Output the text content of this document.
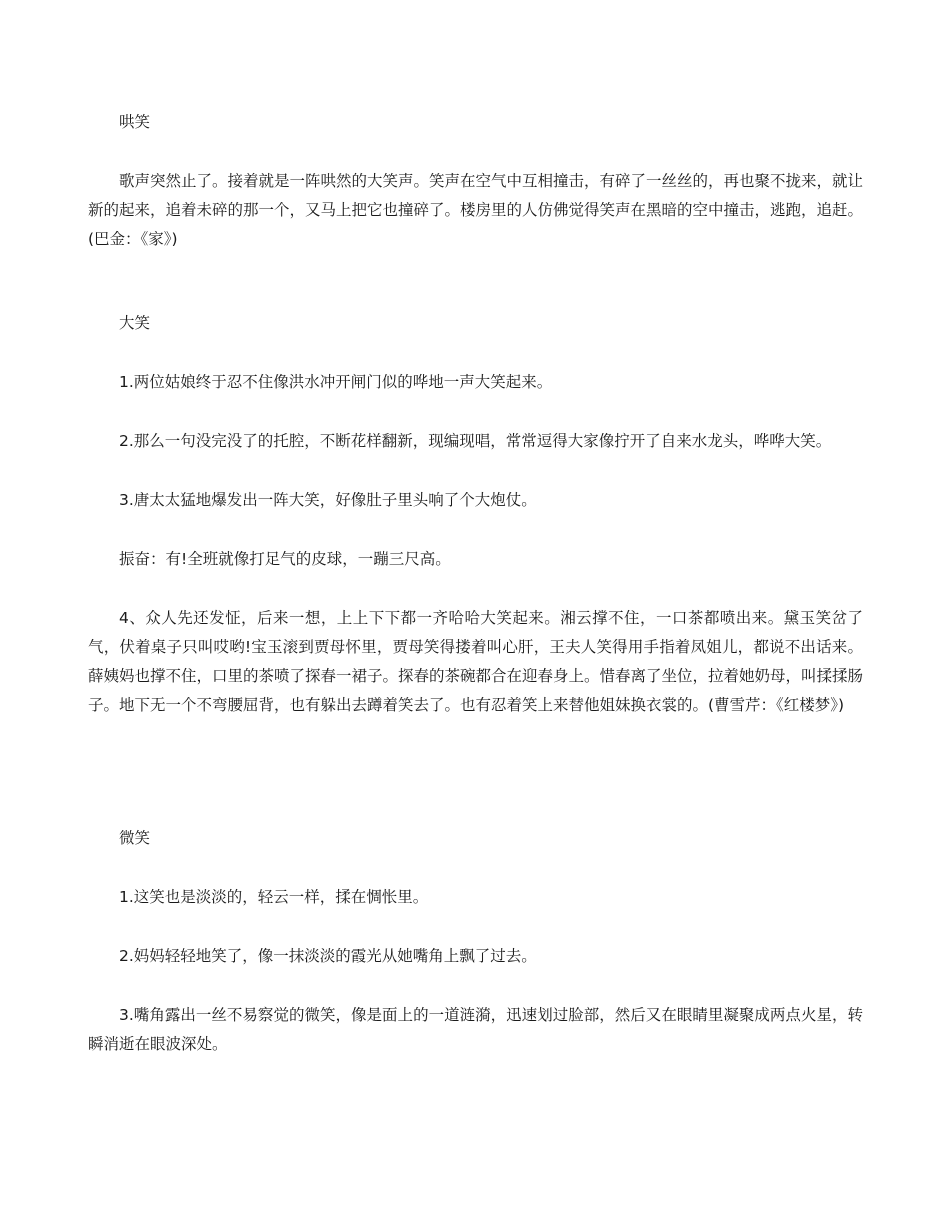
哄笑

歌声突然止了。接着就是一阵哄然的大笑声。笑声在空气中互相撞击，有碎了一丝丝的，再也聚不拢来，就让新的起来，追着未碎的那一个，又马上把它也撞碎了。楼房里的人仿佛觉得笑声在黑暗的空中撞击，逃跑，追赶。(巴金：《家》)

大笑

1.两位姑娘终于忍不住像洪水冲开闸门似的哗地一声大笑起来。

2.那么一句没完没了的托腔，不断花样翻新，现编现唱，常常逗得大家像拧开了自来水龙头，哗哗大笑。

3.唐太太猛地爆发出一阵大笑，好像肚子里头响了个大炮仗。

振奋：有!全班就像打足气的皮球，一蹦三尺高。

4、众人先还发怔，后来一想，上上下下都一齐哈哈大笑起来。湘云撑不住，一口茶都喷出来。黛玉笑岔了气，伏着桌子只叫哎哟!宝玉滚到贾母怀里，贾母笑得搂着叫心肝，王夫人笑得用手指着凤姐儿，都说不出话来。薛姨妈也撑不住，口里的茶喷了探春一裙子。探春的茶碗都合在迎春身上。惜春离了坐位，拉着她奶母，叫揉揉肠子。地下无一个不弯腰屈背，也有躲出去蹲着笑去了。也有忍着笑上来替他姐妹换衣裳的。(曹雪芹：《红楼梦》)

微笑

1.这笑也是淡淡的，轻云一样，揉在惆怅里。

2.妈妈轻轻地笑了，像一抹淡淡的霞光从她嘴角上飘了过去。

3.嘴角露出一丝不易察觉的微笑，像是面上的一道涟漪，迅速划过脸部，然后又在眼睛里凝聚成两点火星，转瞬消逝在眼波深处。
